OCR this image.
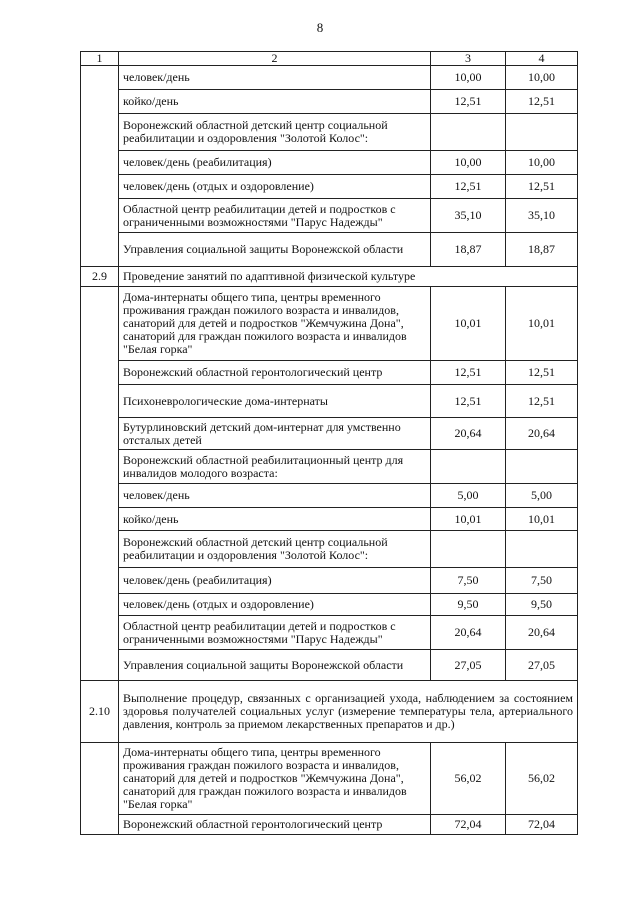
8
1	2	3	4
	человек/день	10,00	10,00
	койко/день	12,51	12,51
	Воронежский областной детский центр социальной реабилитации и оздоровления "Золотой Колос":		
	человек/день (реабилитация)	10,00	10,00
	человек/день (отдых и оздоровление)	12,51	12,51
	Областной центр реабилитации детей и подростков с ограниченными возможностями "Парус Надежды"	35,10	35,10
	Управления социальной защиты Воронежской области	18,87	18,87
2.9	Проведение занятий по адаптивной физической культуре		
	Дома-интернаты общего типа, центры временного проживания граждан пожилого возраста и инвалидов, санаторий для детей и подростков "Жемчужина Дона", санаторий для граждан пожилого возраста и инвалидов "Белая горка"	10,01	10,01
	Воронежский областной геронтологический центр	12,51	12,51
	Психоневрологические дома-интернаты	12,51	12,51
	Бутурлиновский детский дом-интернат для умственно отсталых детей	20,64	20,64
	Воронежский областной реабилитационный центр для инвалидов молодого возраста:		
	человек/день	5,00	5,00
	койко/день	10,01	10,01
	Воронежский областной детский центр социальной реабилитации и оздоровления "Золотой Колос":		
	человек/день (реабилитация)	7,50	7,50
	человек/день (отдых и оздоровление)	9,50	9,50
	Областной центр реабилитации детей и подростков с ограниченными возможностями "Парус Надежды"	20,64	20,64
	Управления социальной защиты Воронежской области	27,05	27,05
2.10	Выполнение процедур, связанных с организацией ухода, наблюдением за состоянием здоровья получателей социальных услуг (измерение температуры тела, артериального давления, контроль за приемом лекарственных препаратов и др.)		
	Дома-интернаты общего типа, центры временного проживания граждан пожилого возраста и инвалидов, санаторий для детей и подростков "Жемчужина Дона", санаторий для граждан пожилого возраста и инвалидов "Белая горка"	56,02	56,02
	Воронежский областной геронтологический центр	72,04	72,04
